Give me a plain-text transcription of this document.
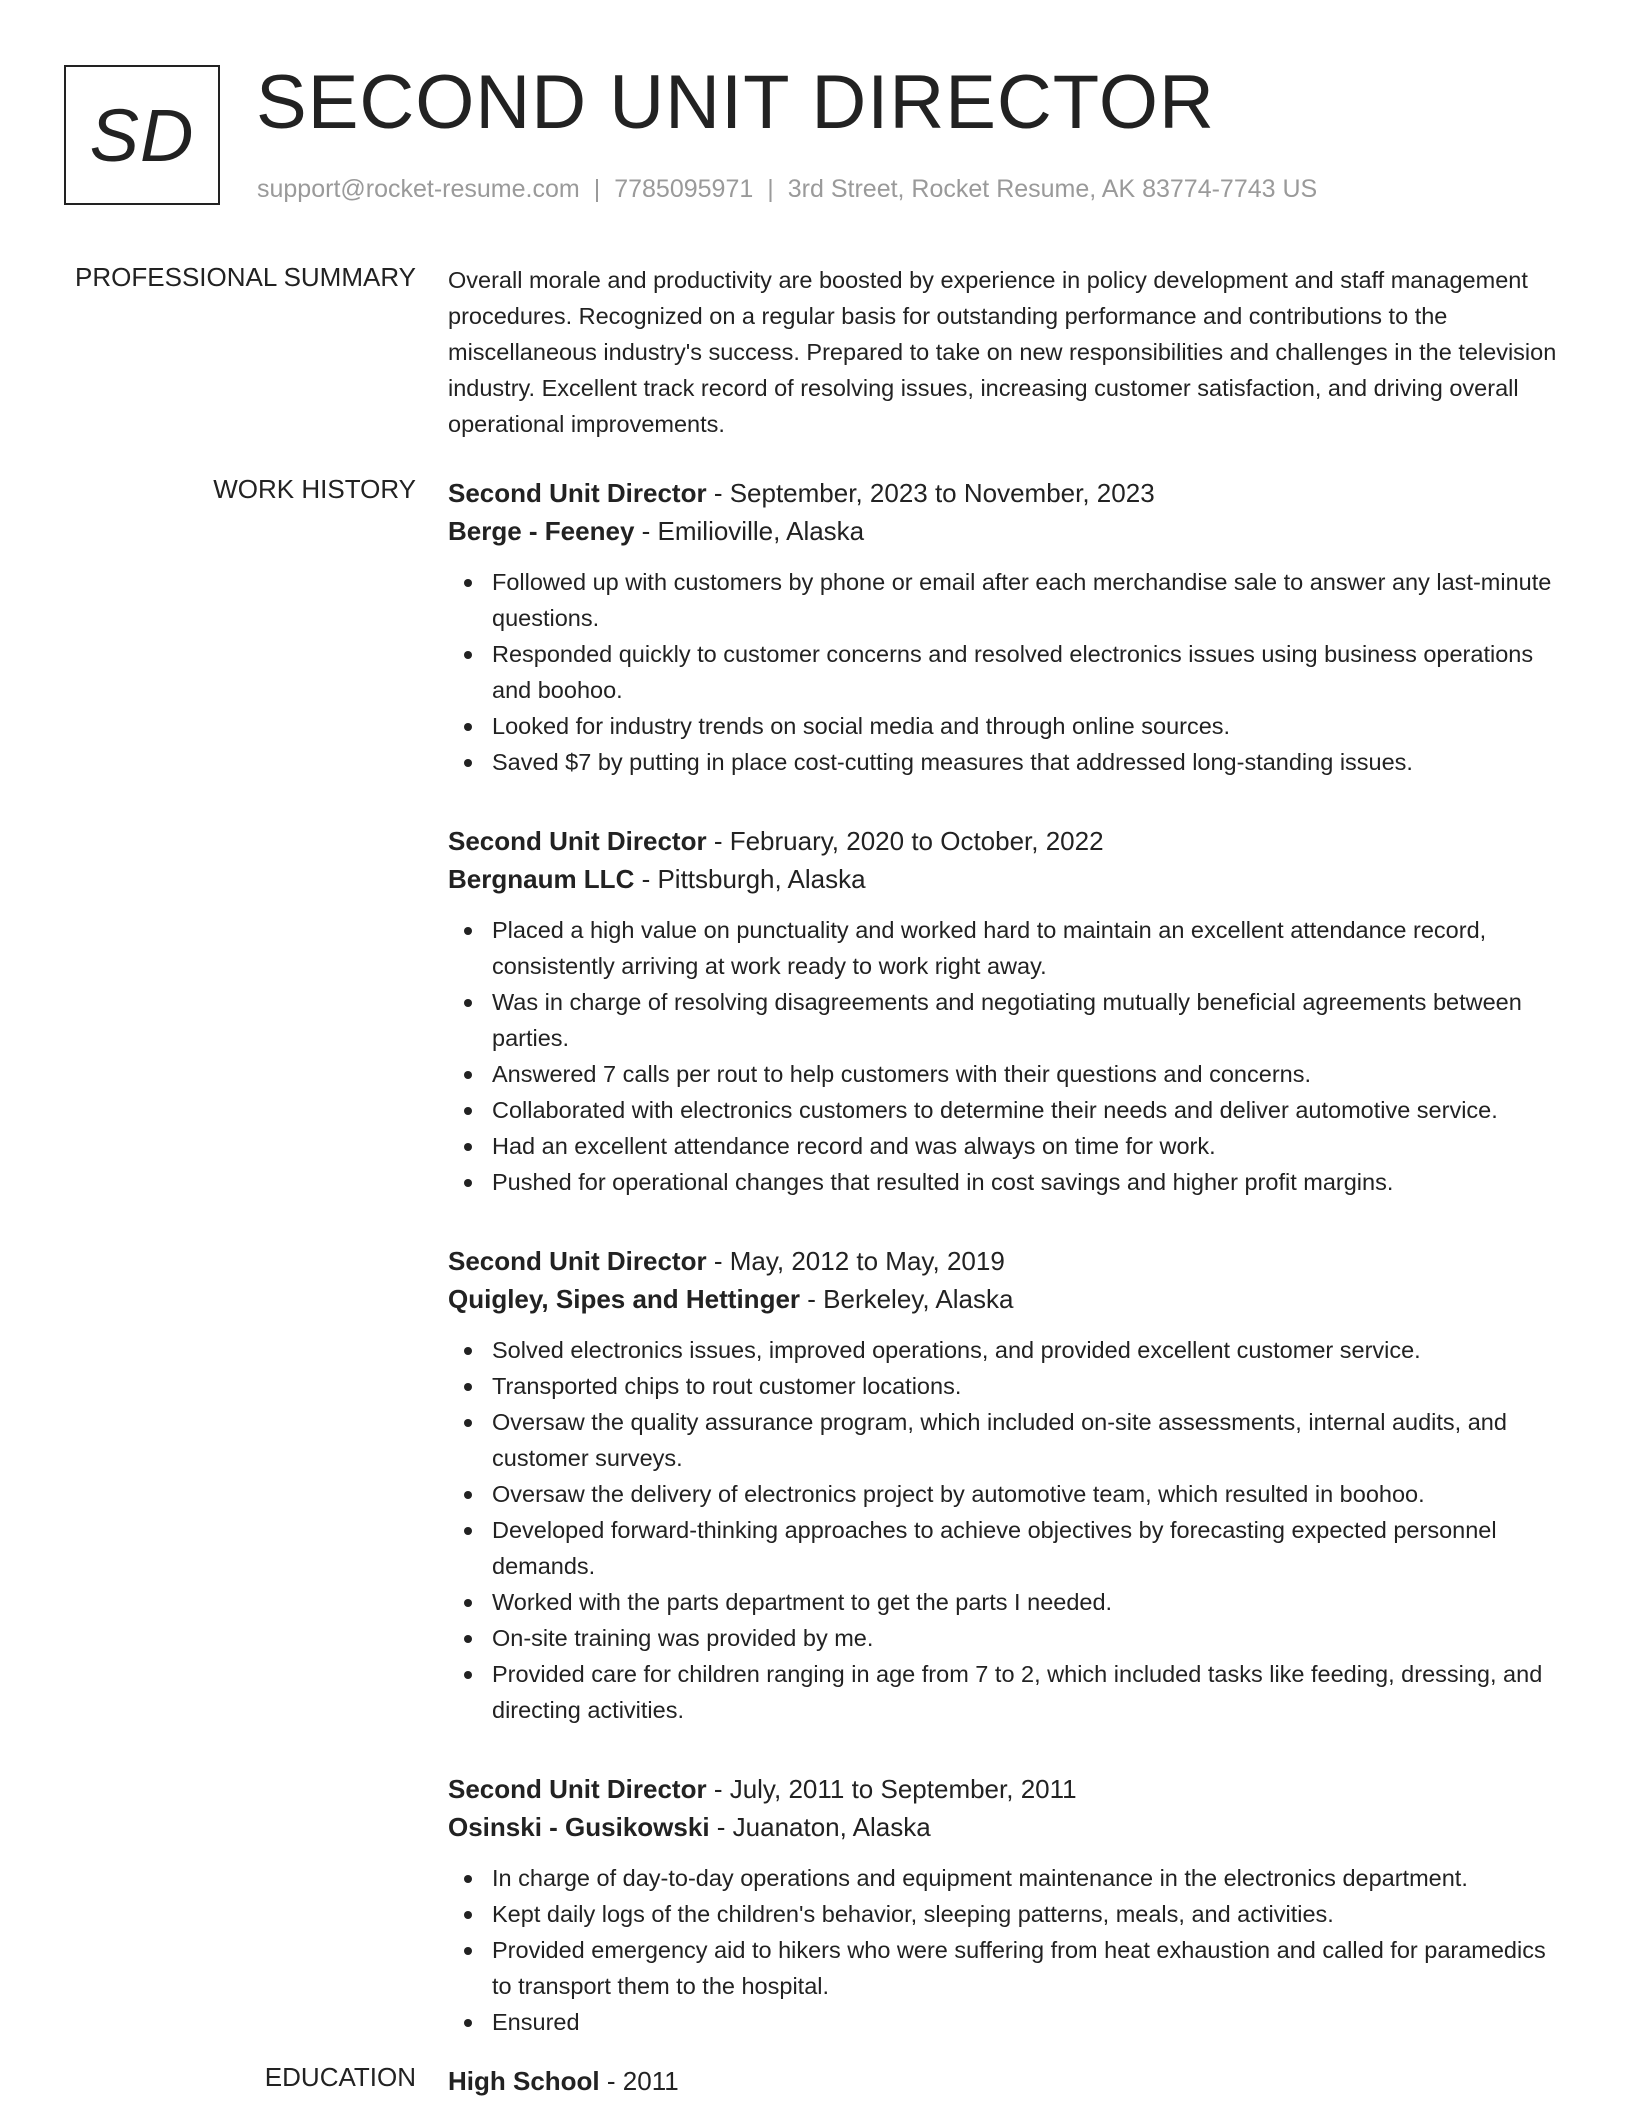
SD SECOND UNIT DIRECTOR
support@rocket-resume.com | 7785095971 | 3rd Street, Rocket Resume, AK 83774-7743 US
PROFESSIONAL SUMMARY Overall morale and productivity are boosted by experience in policy development and staff management procedures. Recognized on a regular basis for outstanding performance and contributions to the miscellaneous industry's success. Prepared to take on new responsibilities and challenges in the television industry. Excellent track record of resolving issues, increasing customer satisfaction, and driving overall operational improvements.

WORK HISTORY Second Unit Director - September, 2023 to November, 2023
Berge - Feeney - Emilioville, Alaska
Followed up with customers by phone or email after each merchandise sale to answer any last-minute questions.
Responded quickly to customer concerns and resolved electronics issues using business operations and boohoo.
Looked for industry trends on social media and through online sources.
Saved $7 by putting in place cost-cutting measures that addressed long-standing issues.
Second Unit Director - February, 2020 to October, 2022
Bergnaum LLC - Pittsburgh, Alaska
Placed a high value on punctuality and worked hard to maintain an excellent attendance record, consistently arriving at work ready to work right away.
Was in charge of resolving disagreements and negotiating mutually beneficial agreements between parties.
Answered 7 calls per rout to help customers with their questions and concerns.
Collaborated with electronics customers to determine their needs and deliver automotive service.
Had an excellent attendance record and was always on time for work.
Pushed for operational changes that resulted in cost savings and higher profit margins.
Second Unit Director - May, 2012 to May, 2019
Quigley, Sipes and Hettinger - Berkeley, Alaska
Solved electronics issues, improved operations, and provided excellent customer service.
Transported chips to rout customer locations.
Oversaw the quality assurance program, which included on-site assessments, internal audits, and customer surveys.
Oversaw the delivery of electronics project by automotive team, which resulted in boohoo.
Developed forward-thinking approaches to achieve objectives by forecasting expected personnel demands.
Worked with the parts department to get the parts I needed.
On-site training was provided by me.
Provided care for children ranging in age from 7 to 2, which included tasks like feeding, dressing, and directing activities.
Second Unit Director - July, 2011 to September, 2011
Osinski - Gusikowski - Juanaton, Alaska
In charge of day-to-day operations and equipment maintenance in the electronics department.
Kept daily logs of the children's behavior, sleeping patterns, meals, and activities.
Provided emergency aid to hikers who were suffering from heat exhaustion and called for paramedics to transport them to the hospital.
Ensured
EDUCATION High School - 2011
